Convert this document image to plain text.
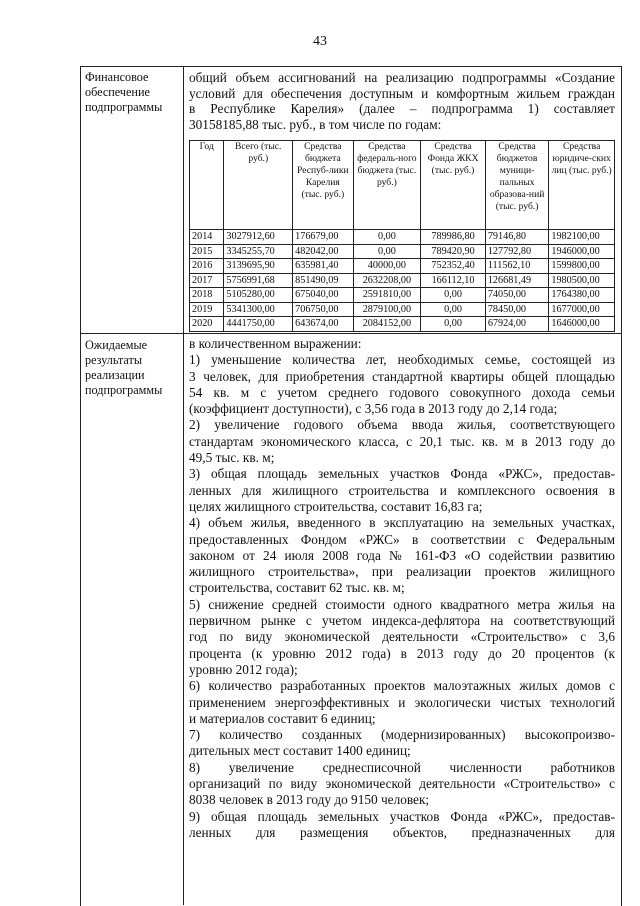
43
Финансовое
обеспечение
подпрограммы
общий объем ассигнований на реализацию подпрограммы «Создание
условий для обеспечения доступным и комфортным жильем граждан
в Республике Карелия» (далее – подпрограмма 1) составляет
30158185,88 тыс. руб., в том числе по годам:
Год	Всего (тыс. руб.)	Средства бюджета Респуб-лики Карелия (тыс. руб.)	Средства федераль-ного бюджета (тыс. руб.)	Средства Фонда ЖКХ (тыс. руб.)	Средства бюджетов муници-пальных образова-ний (тыс. руб.)	Средства юридиче-ских лиц (тыс. руб.)
2014	3027912,60	176679,00	0,00	789986,80	79146,80	1982100,00
2015	3345255,70	482042,00	0,00	789420,90	127792,80	1946000,00
2016	3139695,90	635981,40	40000,00	752352,40	111562,10	1599800,00
2017	5756991,68	851490,09	2632208,00	166112,10	126681,49	1980500,00
2018	5105280,00	675040,00	2591810,00	0,00	74050,00	1764380,00
2019	5341300,00	706750,00	2879100,00	0,00	78450,00	1677000,00
2020	4441750,00	643674,00	2084152,00	0,00	67924,00	1646000,00
Ожидаемые
результаты
реализации
подпрограммы
в количественном выражении:
1) уменьшение количества лет, необходимых семье, состоящей из
3 человек, для приобретения стандартной квартиры общей площадью
54 кв. м с учетом среднего годового совокупного дохода семьи
(коэффициент доступности), с 3,56 года в 2013 году до 2,14 года;
2) увеличение годового объема ввода жилья, соответствующего
стандартам экономического класса, с 20,1 тыс. кв. м в 2013 году до
49,5 тыс. кв. м;
3) общая площадь земельных участков Фонда «РЖС», предостав-
ленных для жилищного строительства и комплексного освоения в
целях жилищного строительства, составит 16,83 га;
4) объем жилья, введенного в эксплуатацию на земельных участках,
предоставленных Фондом «РЖС» в соответствии с Федеральным
законом от 24 июля 2008 года № 161-ФЗ «О содействии развитию
жилищного строительства», при реализации проектов жилищного
строительства, составит 62 тыс. кв. м;
5) снижение средней стоимости одного квадратного метра жилья на
первичном рынке с учетом индекса-дефлятора на соответствующий
год по виду экономической деятельности «Строительство» с 3,6
процента (к уровню 2012 года) в 2013 году до 20 процентов (к
уровню 2012 года);
6) количество разработанных проектов малоэтажных жилых домов с
применением энергоэффективных и экологически чистых технологий
и материалов составит 6 единиц;
7) количество созданных (модернизированных) высокопроизво-
дительных мест составит 1400 единиц;
8) увеличение среднесписочной численности работников
организаций по виду экономической деятельности «Строительство» с
8038 человек в 2013 году до 9150 человек;
9) общая площадь земельных участков Фонда «РЖС», предостав-
ленных для размещения объектов, предназначенных для
